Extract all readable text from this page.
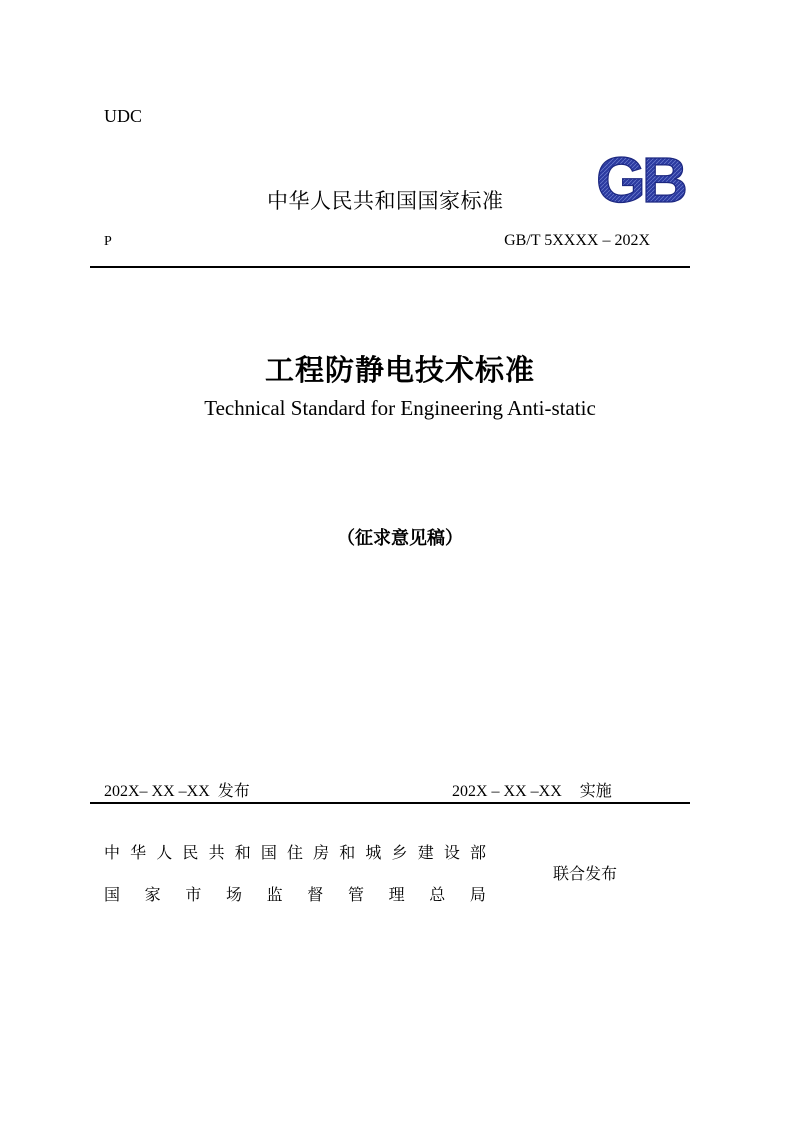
UDC
中华人民共和国国家标准 GB
P	GB/T 5XXXX – 202X
工程防静电技术标准
Technical Standard for Engineering Anti-static
（征求意见稿）
202X– XX –XX 发布	202X – XX –XX 实施
中 华 人 民 共 和 国 住 房 和 城 乡 建 设 部
国 家 市 场 监 督 管 理 总 局
联合发布
